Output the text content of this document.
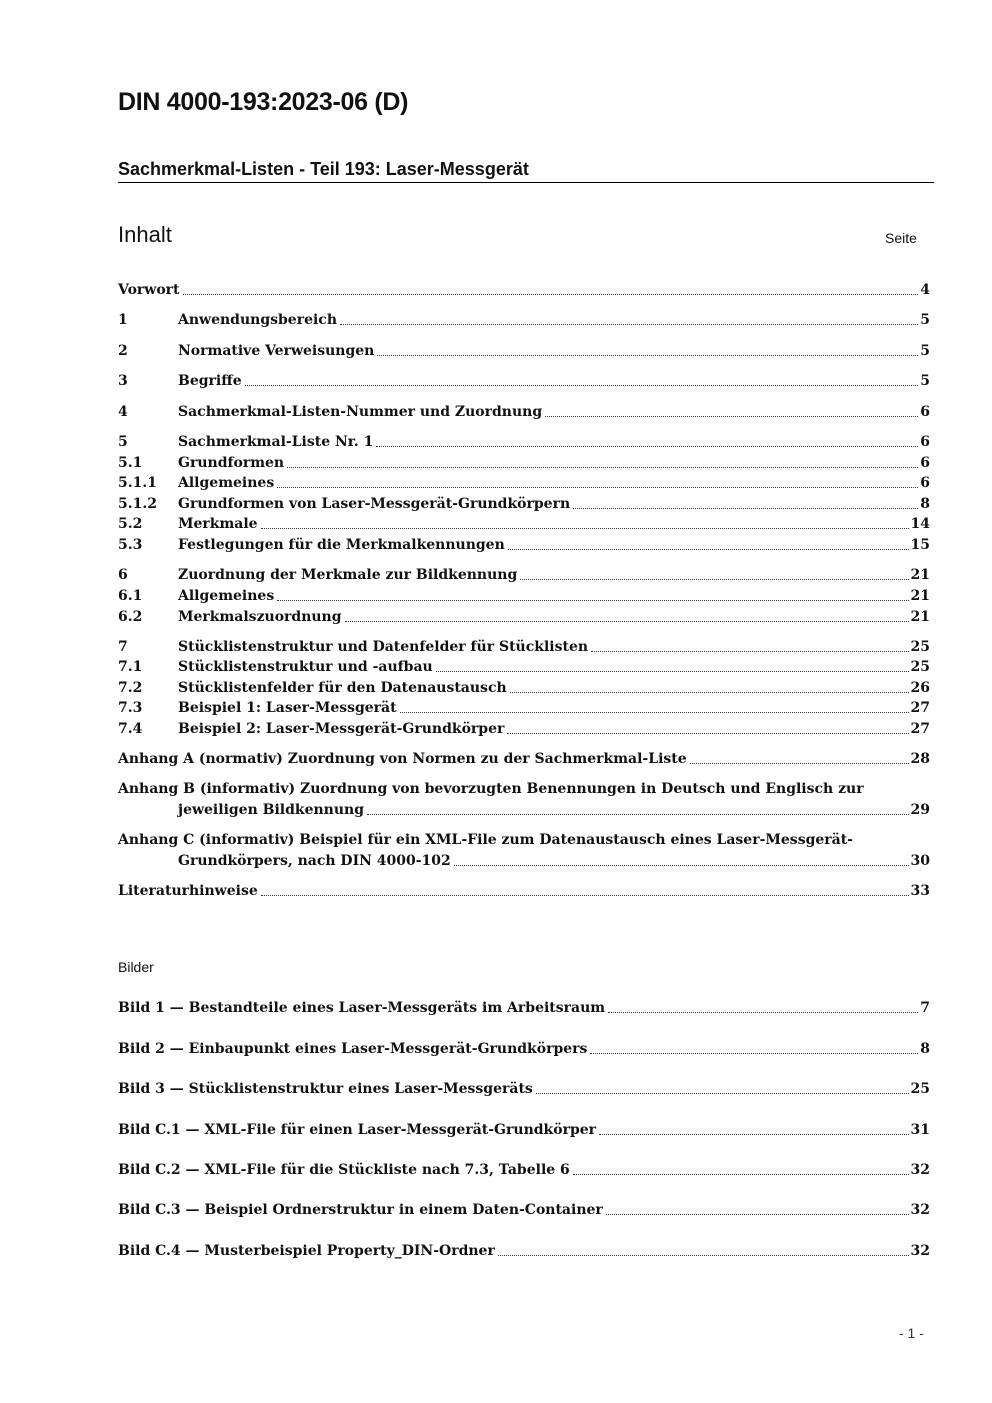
DIN 4000-193:2023-06 (D)
Sachmerkmal-Listen - Teil 193: Laser-Messgerät
Inhalt	Seite
Vorwort	4
1	Anwendungsbereich	5
2	Normative Verweisungen	5
3	Begriffe	5
4	Sachmerkmal-Listen-Nummer und Zuordnung	6
5	Sachmerkmal-Liste Nr. 1	6
5.1	Grundformen	6
5.1.1	Allgemeines	6
5.1.2	Grundformen von Laser-Messgerät-Grundkörpern	8
5.2	Merkmale	14
5.3	Festlegungen für die Merkmalkennungen	15
6	Zuordnung der Merkmale zur Bildkennung	21
6.1	Allgemeines	21
6.2	Merkmalszuordnung	21
7	Stücklistenstruktur und Datenfelder für Stücklisten	25
7.1	Stücklistenstruktur und -aufbau	25
7.2	Stücklistenfelder für den Datenaustausch	26
7.3	Beispiel 1: Laser-Messgerät	27
7.4	Beispiel 2: Laser-Messgerät-Grundkörper	27
Anhang A (normativ) Zuordnung von Normen zu der Sachmerkmal-Liste	28
Anhang B (informativ) Zuordnung von bevorzugten Benennungen in Deutsch und Englisch zur
jeweiligen Bildkennung	29
Anhang C (informativ) Beispiel für ein XML-File zum Datenaustausch eines Laser-Messgerät-
Grundkörpers, nach DIN 4000-102	30
Literaturhinweise	33
Bilder
Bild 1 — Bestandteile eines Laser-Messgeräts im Arbeitsraum	7
Bild 2 — Einbaupunkt eines Laser-Messgerät-Grundkörpers	8
Bild 3 — Stücklistenstruktur eines Laser-Messgeräts	25
Bild C.1 — XML-File für einen Laser-Messgerät-Grundkörper	31
Bild C.2 — XML-File für die Stückliste nach 7.3, Tabelle 6	32
Bild C.3 — Beispiel Ordnerstruktur in einem Daten-Container	32
Bild C.4 — Musterbeispiel Property_DIN-Ordner	32
- 1 -
